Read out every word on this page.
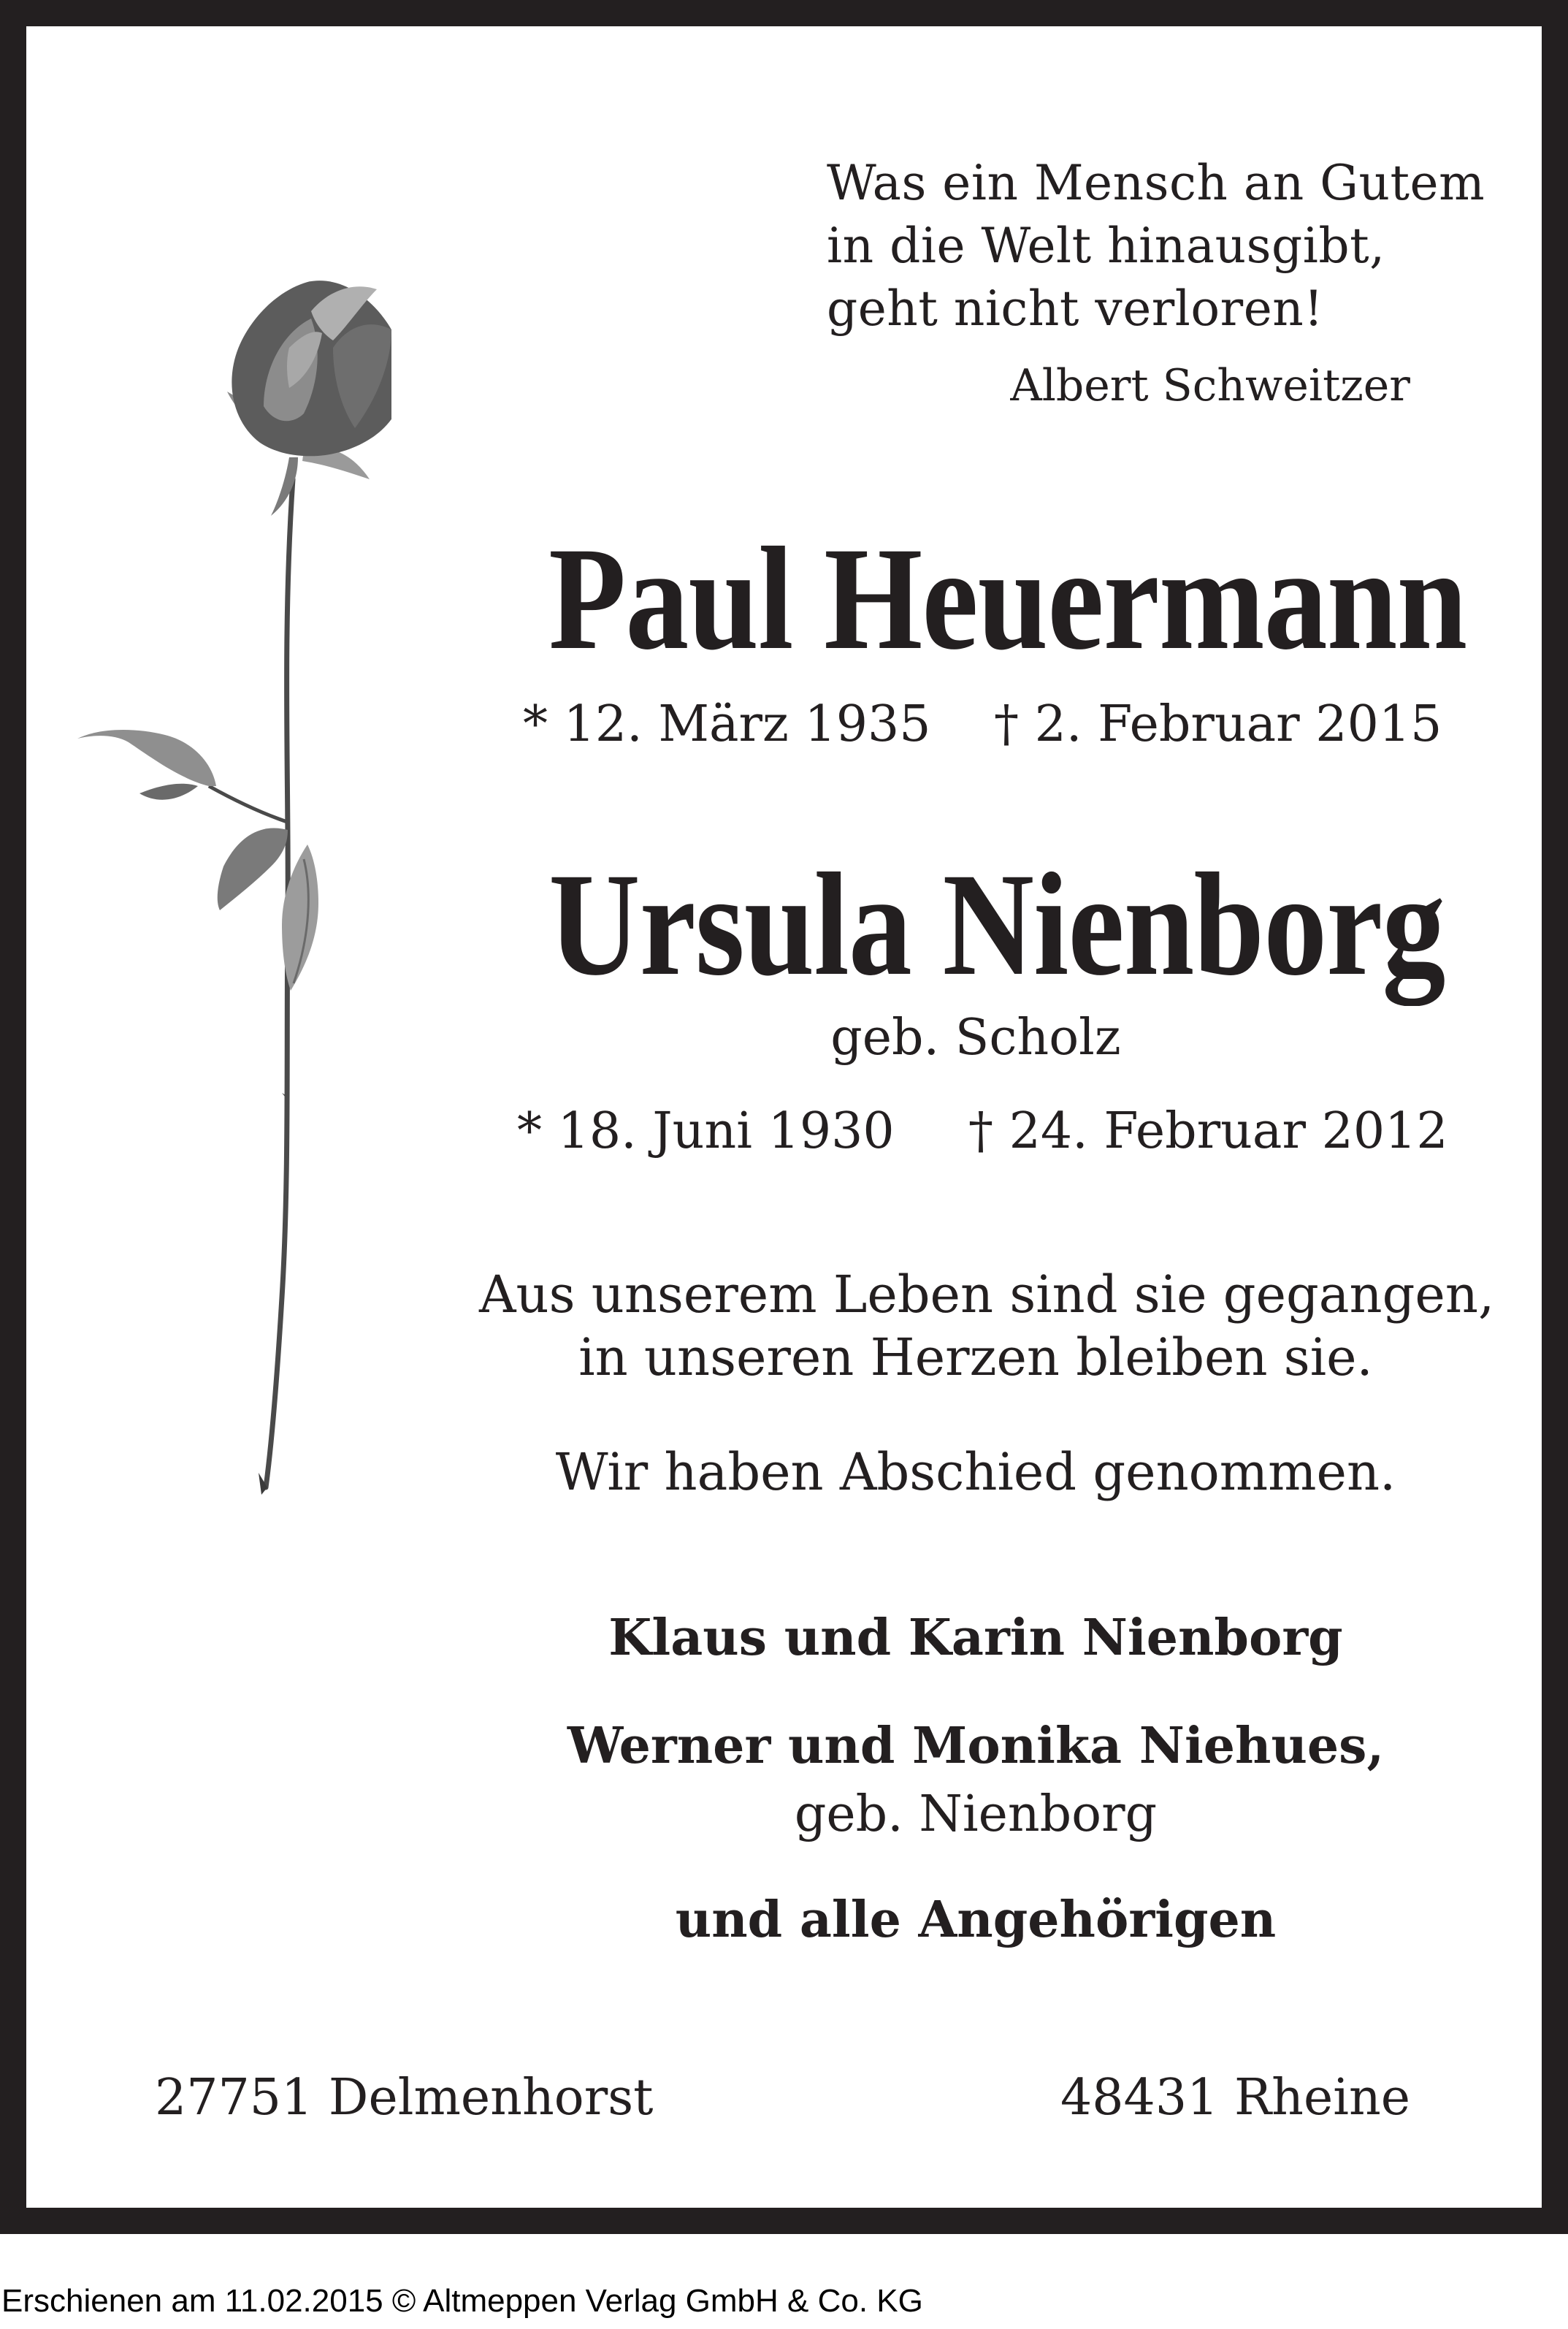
Was ein Mensch an Gutem
in die Welt hinausgibt,
geht nicht verloren!
Albert Schweitzer
Paul Heuermann
* 12. März 1935 † 2. Februar 2015
Ursula Nienborg
geb. Scholz
* 18. Juni 1930 † 24. Februar 2012
Aus unserem Leben sind sie gegangen,
in unseren Herzen bleiben sie.
Wir haben Abschied genommen.
Klaus und Karin Nienborg
Werner und Monika Niehues,
geb. Nienborg
und alle Angehörigen
27751 Delmenhorst	48431 Rheine
Erschienen am 11.02.2015 © Altmeppen Verlag GmbH & Co. KG
